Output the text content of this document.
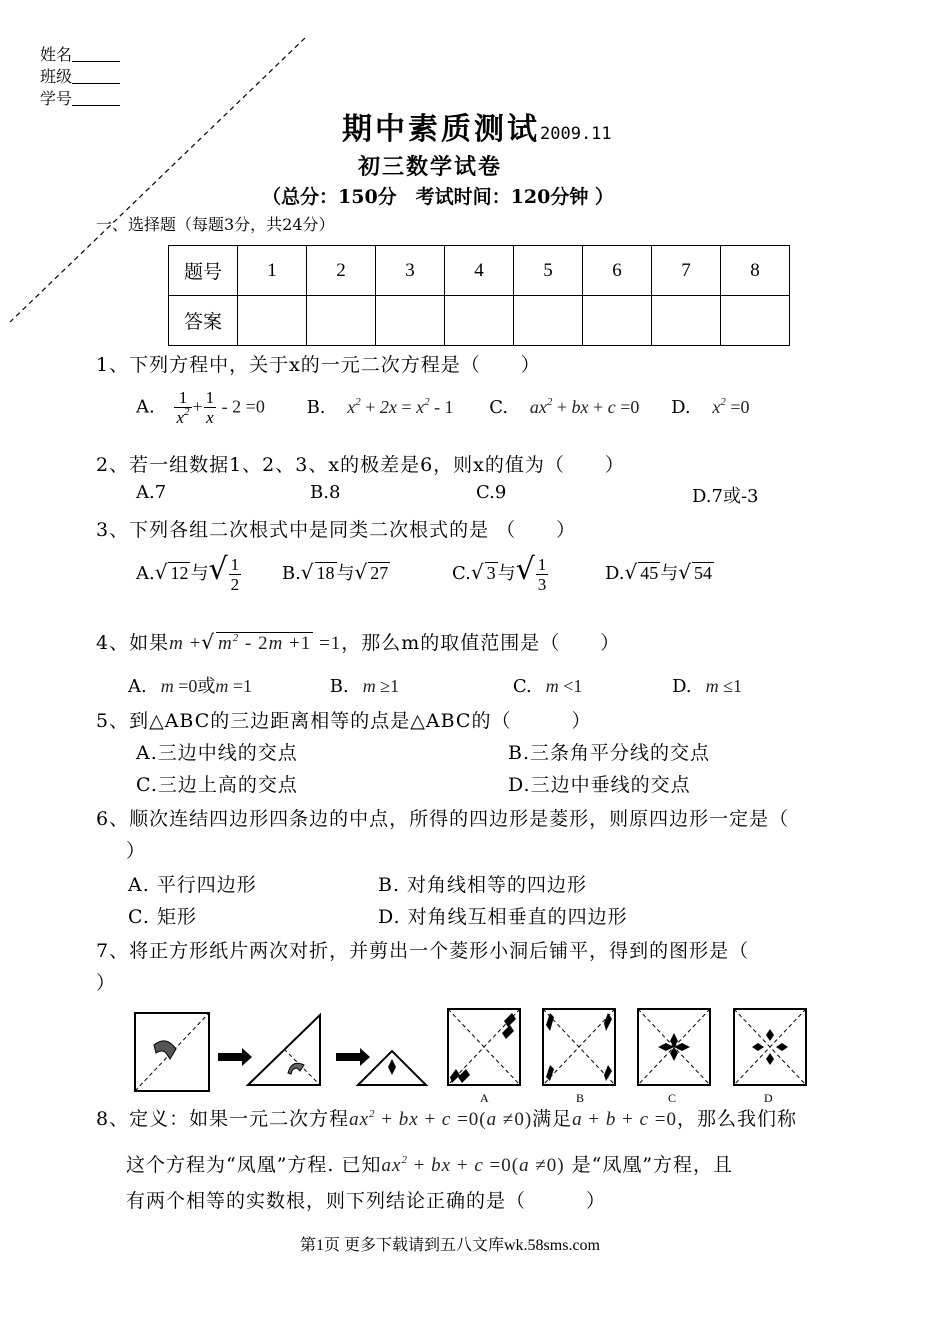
姓名
班级
学号
期中素质测试2009.11
初三数学试卷
（总分：150分　考试时间：120分钟 ）
一、选择题（每题3分，共24分）
题号	1	2	3	4	5	6	7	8
答案								
1、下列方程中，关于x的一元二次方程是（　　）
A. $\frac{1}{x^2} + \frac{1}{x} - 2 =0$ B. $x^2 + 2x = x^2 - 1$ C. $ax^2$ + bx + c =0 D. $x^2 =0$
2、若一组数据1、2、3、x的极差是6，则x的值为（　　）
A.7	B.8	C.9	D.7或-3
3、下列各组二次根式中是同类二次根式的是 （　　）
A.√ 12 与√ $\frac{1}{2} B.√$ 18 与√ 27	C.√ 3 与√ $\frac{1}{3}$	D.√ 45 与√ 54
4、如果m +√ $m^2 - 2m +1 =1$，那么m的取值范围是（　　）
A. m =0或m =1	B. m ≥1	C. m <1	D. m ≤1
5、到△ABC的三边距离相等的点是△ABC的（　　　）
A.三边中线的交点	B.三条角平分线的交点
C.三边上高的交点	D.三边中垂线的交点
6、顺次连结四边形四条边的中点，所得的四边形是菱形，则原四边形一定是（
）
A. 平行四边形	B. 对角线相等的四边形
C. 矩形	D. 对角线互相垂直的四边形
7、将正方形纸片两次对折，并剪出一个菱形小洞后铺平，得到的图形是（
）
A	B	C	D
8、定义：如果一元二次方程$ax^2$ + bx + c =0(a ≠0)满足a + b + c =0，那么我们称
这个方程为“凤凰”方程. 已知$ax^2$ + bx + c =0(a ≠0) 是“凤凰”方程，且
有两个相等的实数根，则下列结论正确的是（　　　）
第1页 更多下载请到五八文库wk.58sms.com
